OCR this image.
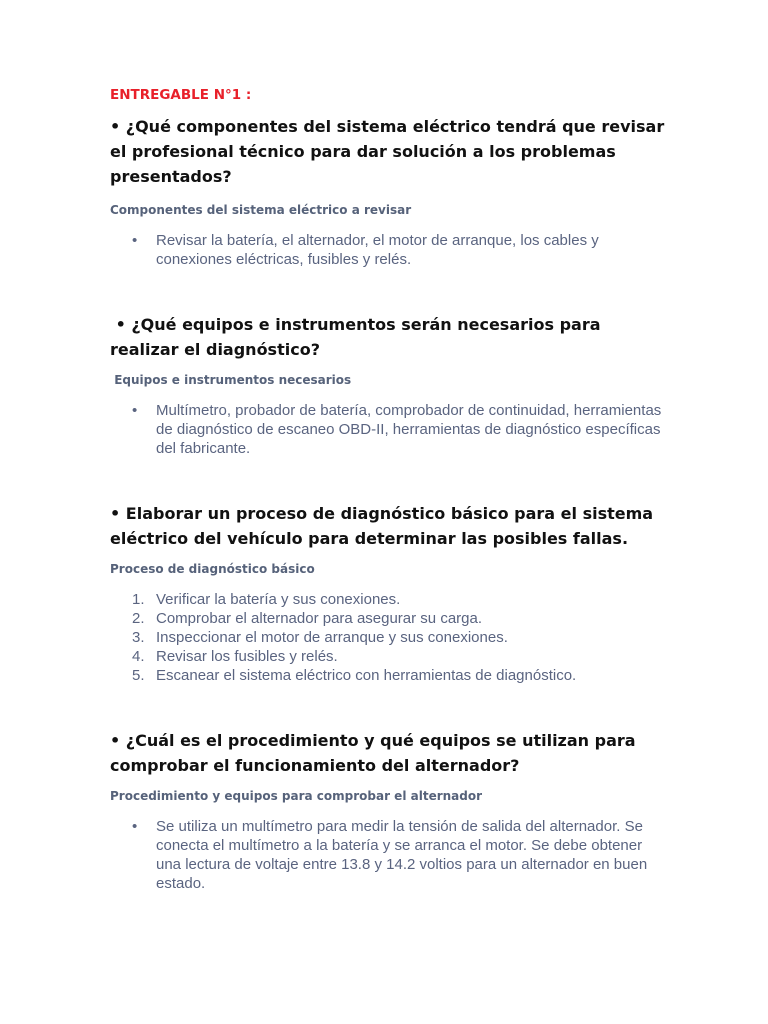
ENTREGABLE N°1 :
• ¿Qué componentes del sistema eléctrico tendrá que revisar el profesional técnico para dar solución a los problemas presentados?
Componentes del sistema eléctrico a revisar
• Revisar la batería, el alternador, el motor de arranque, los cables y conexiones eléctricas, fusibles y relés.
• ¿Qué equipos e instrumentos serán necesarios para realizar el diagnóstico?
Equipos e instrumentos necesarios
• Multímetro, probador de batería, comprobador de continuidad, herramientas de diagnóstico de escaneo OBD-II, herramientas de diagnóstico específicas del fabricante.
• Elaborar un proceso de diagnóstico básico para el sistema eléctrico del vehículo para determinar las posibles fallas.
Proceso de diagnóstico básico
1. Verificar la batería y sus conexiones.
2. Comprobar el alternador para asegurar su carga.
3. Inspeccionar el motor de arranque y sus conexiones.
4. Revisar los fusibles y relés.
5. Escanear el sistema eléctrico con herramientas de diagnóstico.
• ¿Cuál es el procedimiento y qué equipos se utilizan para comprobar el funcionamiento del alternador?
Procedimiento y equipos para comprobar el alternador
• Se utiliza un multímetro para medir la tensión de salida del alternador. Se conecta el multímetro a la batería y se arranca el motor. Se debe obtener una lectura de voltaje entre 13.8 y 14.2 voltios para un alternador en buen estado.
